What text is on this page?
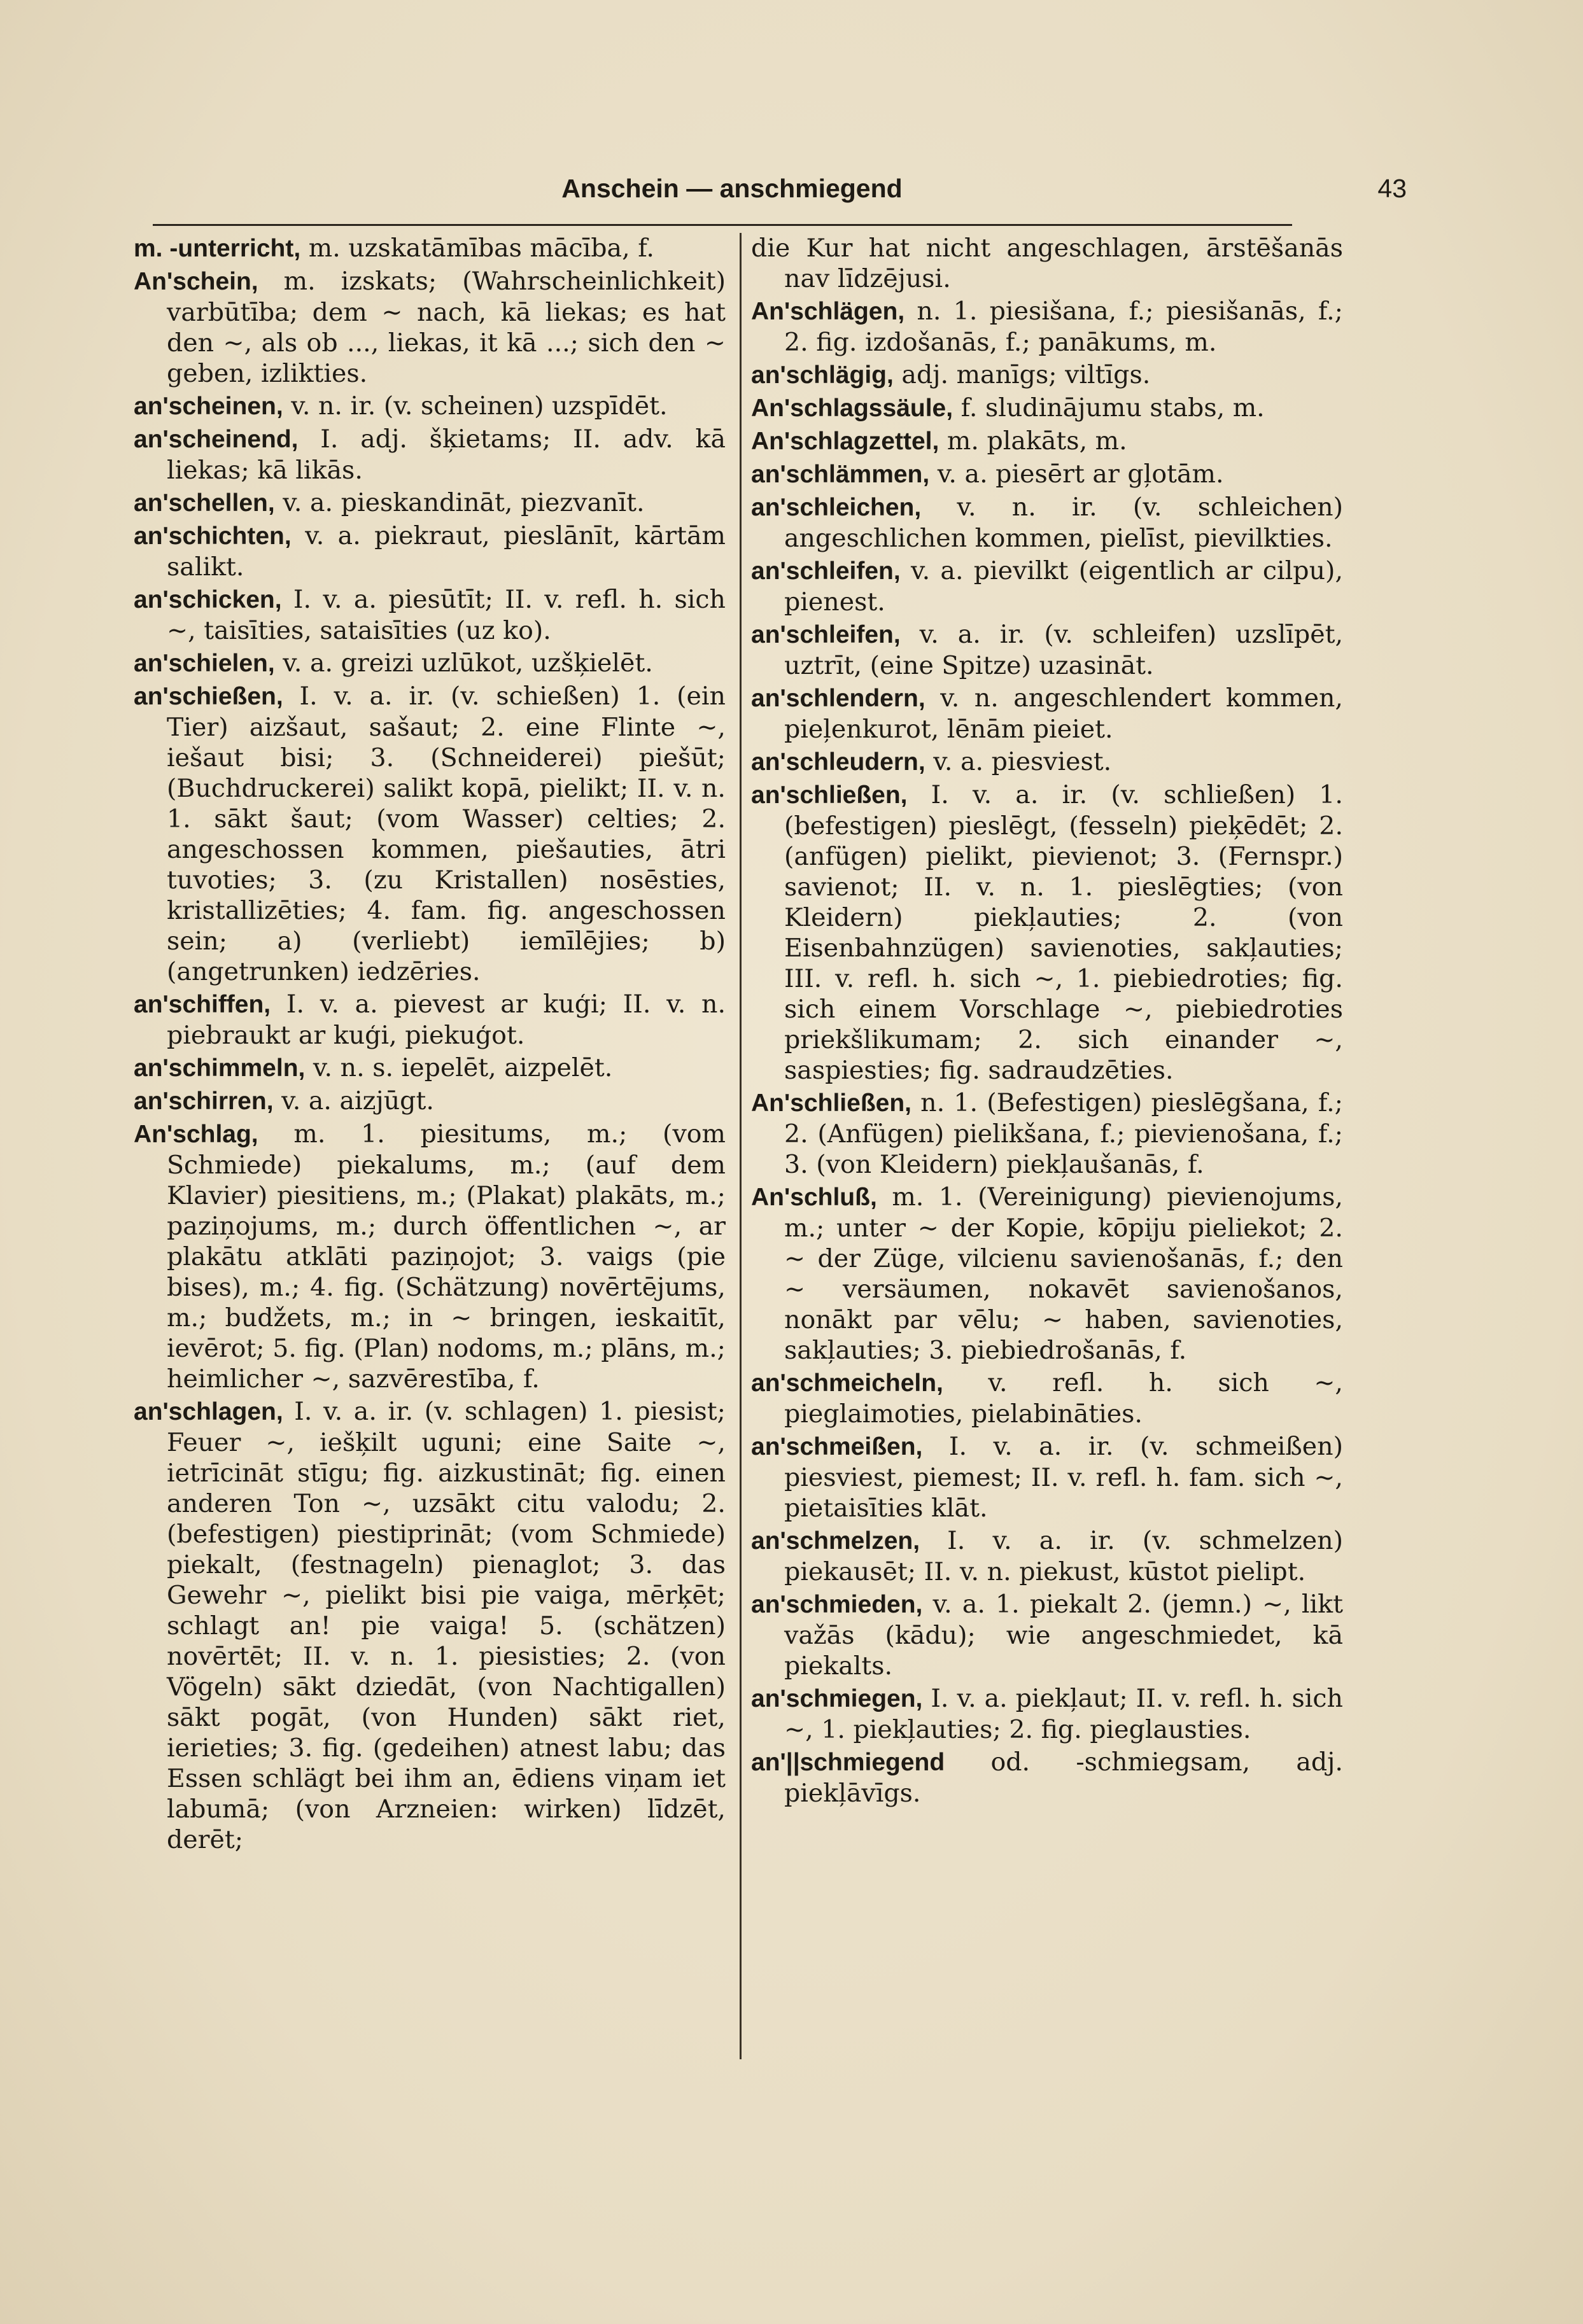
Anschein — anschmiegend	43

m. -unterricht, m. uzskatāmības mācība, f.

An'schein, m. izskats; (Wahrscheinlichkeit) varbūtība; dem ~ nach, kā liekas; es hat den ~, als ob ..., liekas, it kā ...; sich den ~ geben, izlikties.

an'scheinen, v. n. ir. (v. scheinen) uzspīdēt.

an'scheinend, I. adj. šķietams; II. adv. kā liekas; kā likās.

an'schellen, v. a. pieskandināt, piezvanīt.

an'schichten, v. a. piekraut, pieslānīt, kārtām salikt.

an'schicken, I. v. a. piesūtīt; II. v. refl. h. sich ~, taisīties, sataisīties (uz ko).

an'schielen, v. a. greizi uzlūkot, uzšķielēt.

an'schießen, I. v. a. ir. (v. schießen) 1. (ein Tier) aizšaut, sašaut; 2. eine Flinte ~, iešaut bisi; 3. (Schneiderei) piešūt; (Buchdruckerei) salikt kopā, pielikt; II. v. n. 1. sākt šaut; (vom Wasser) celties; 2. angeschossen kommen, piešauties, ātri tuvoties; 3. (zu Kristallen) nosēsties, kristallizēties; 4. fam. fig. angeschossen sein; a) (verliebt) iemīlējies; b) (angetrunken) iedzēries.

an'schiffen, I. v. a. pievest ar kuģi; II. v. n. piebraukt ar kuģi, piekuģot.

an'schimmeln, v. n. s. iepelēt, aizpelēt.

an'schirren, v. a. aizjūgt.

An'schlag, m. 1. piesitums, m.; (vom Schmiede) piekalums, m.; (auf dem Klavier) piesitiens, m.; (Plakat) plakāts, m.; paziņojums, m.; durch öffentlichen ~, ar plakātu atklāti paziņojot; 3. vaigs (pie bises), m.; 4. fig. (Schätzung) novērtējums, m.; budžets, m.; in ~ bringen, ieskaitīt, ievērot; 5. fig. (Plan) nodoms, m.; plāns, m.; heimlicher ~, sazvērestība, f.

an'schlagen, I. v. a. ir. (v. schlagen) 1. piesist; Feuer ~, iešķilt uguni; eine Saite ~, ietrīcināt stīgu; fig. aizkustināt; fig. einen anderen Ton ~, uzsākt citu valodu; 2. (befestigen) piestiprināt; (vom Schmiede) piekalt, (festnageln) pienaglot; 3. das Gewehr ~, pielikt bisi pie vaiga, mērķēt; schlagt an! pie vaiga! 5. (schätzen) novērtēt; II. v. n. 1. piesisties; 2. (von Vögeln) sākt dziedāt, (von Nachtigallen) sākt pogāt, (von Hunden) sākt riet, ierieties; 3. fig. (gedeihen) atnest labu; das Essen schlägt bei ihm an, ēdiens viņam iet labumā; (von Arzneien: wirken) līdzēt, derēt;

die Kur hat nicht angeschlagen, ārstēšanās nav līdzējusi.

An'schlägen, n. 1. piesišana, f.; piesišanās, f.; 2. fig. izdošanās, f.; panākums, m.

an'schlägig, adj. manīgs; viltīgs.

An'schlagssäule, f. sludinājumu stabs, m.

An'schlagzettel, m. plakāts, m.

an'schlämmen, v. a. piesērt ar gļotām.

an'schleichen, v. n. ir. (v. schleichen) angeschlichen kommen, pielīst, pievilkties.

an'schleifen, v. a. pievilkt (eigentlich ar cilpu), pienest.

an'schleifen, v. a. ir. (v. schleifen) uzslīpēt, uztrīt, (eine Spitze) uzasināt.

an'schlendern, v. n. angeschlendert kommen, pieļenkurot, lēnām pieiet.

an'schleudern, v. a. piesviest.

an'schließen, I. v. a. ir. (v. schließen) 1. (befestigen) pieslēgt, (fesseln) pieķēdēt; 2. (anfügen) pielikt, pievienot; 3. (Fernspr.) savienot; II. v. n. 1. pieslēgties; (von Kleidern) piekļauties; 2. (von Eisenbahnzügen) savienoties, sakļauties; III. v. refl. h. sich ~, 1. piebiedroties; fig. sich einem Vorschlage ~, piebiedroties priekšlikumam; 2. sich einander ~, saspiesties; fig. sadraudzēties.

An'schließen, n. 1. (Befestigen) pieslēgšana, f.; 2. (Anfügen) pielikšana, f.; pievienošana, f.; 3. (von Kleidern) piekļaušanās, f.

An'schluß, m. 1. (Vereinigung) pievienojums, m.; unter ~ der Kopie, kōpiju pieliekot; 2. ~ der Züge, vilcienu savienošanās, f.; den ~ versäumen, nokavēt savienošanos, nonākt par vēlu; ~ haben, savienoties, sakļauties; 3. piebiedrošanās, f.

an'schmeicheln, v. refl. h. sich ~, pieglaimoties, pielabināties.

an'schmeißen, I. v. a. ir. (v. schmeißen) piesviest, piemest; II. v. refl. h. fam. sich ~, pietaisīties klāt.

an'schmelzen, I. v. a. ir. (v. schmelzen) piekausēt; II. v. n. piekust, kūstot pielipt.

an'schmieden, v. a. 1. piekalt 2. (jemn.) ~, likt važās (kādu); wie angeschmiedet, kā piekalts.

an'schmiegen, I. v. a. piekļaut; II. v. refl. h. sich ~, 1. piekļauties; 2. fig. pieglausties.

an'||schmiegend od. -schmiegsam, adj. piekļāvīgs.
